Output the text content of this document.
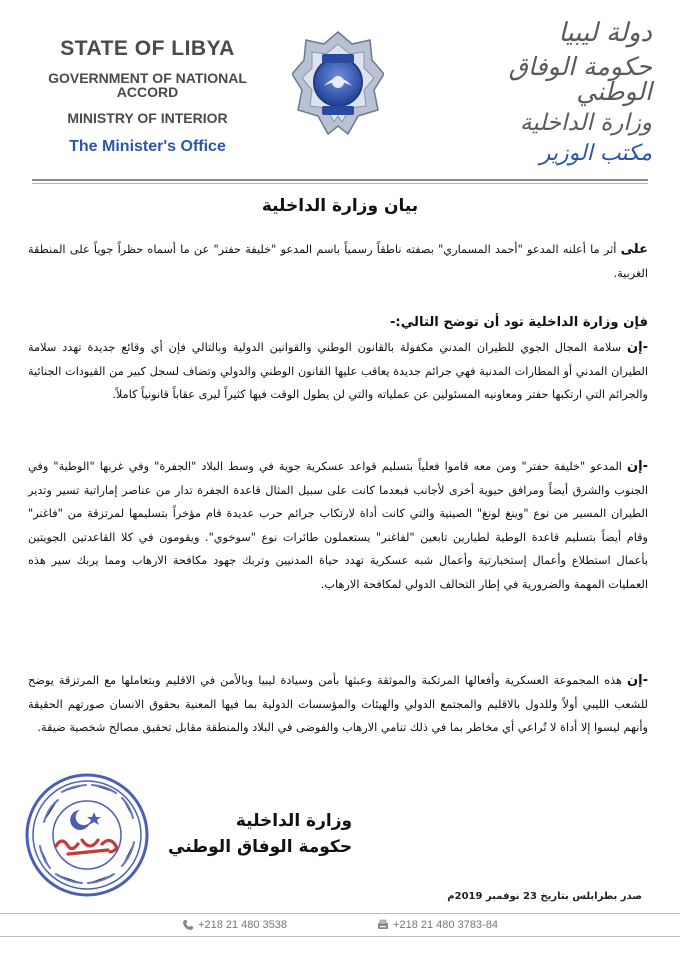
STATE OF LIBYA
GOVERNMENT OF NATIONAL ACCORD
MINISTRY OF INTERIOR
The Minister's Office
دولة ليبيا
حكومة الوفاق الوطني
وزارة الداخلية
مكتب الوزير
بيان وزارة الداخلية
على أثر ما أعلنه المدعو "أحمد المسماري" بصفته ناطقاً رسمياً باسم المدعو "خليفة حفتر" عن ما أسماه حظراً جوياً على المنطقة الغربية.
فإن وزارة الداخلية تود أن توضح التالي:-
-إن سلامة المجال الجوي للطيران المدني مكفولة بالقانون الوطني والقوانين الدولية وبالتالي فإن أي وقائع جديدة تهدد سلامة الطيران المدني أو المطارات المدنية فهي جرائم جديدة يعاقب عليها القانون الوطني والدولي وتضاف لسجل كبير من القيودات الجنائية والجرائم التي ارتكبها حفتر ومعاونيه المسئولين عن عملياته والتي لن يطول الوقت فيها كثيراً ليرى عقاباً قانونياً كاملاً.
-إن المدعو "خليفة حفتر" ومن معه قاموا فعلياً بتسليم قواعد عسكرية جوية في وسط البلاد "الجفرة" وفي غربها "الوطية" وفي الجنوب والشرق أيضاً ومرافق حيوية أخرى لأجانب فبعدما كانت على سبيل المثال قاعدة الجفرة تدار من عناصر إماراتية تسير وتدير الطيران المسير من نوع "وينغ لونغ" الصينية والتي كانت أداة لارتكاب جرائم حرب عديدة قام مؤخراً بتسليمها لمرتزقة من "فاغنر" وقام أيضاً بتسليم قاعدة الوطية لطيارين تابعين "لفاغنر" يستعملون طائرات نوع "سوخوي". ويقومون في كلا القاعدتين الجويتين بأعمال استطلاع وأعمال إستخبارتية وأعمال شبه عسكرية تهدد حياة المدنيين وتربك جهود مكافحة الارهاب ومما يربك سير هذه العمليات المهمة والضرورية في إطار التحالف الدولي لمكافحة الارهاب.
-إن هذه المجموعة العسكرية وأفعالها المرتكبة والموثقة وعبثها بأمن وسيادة ليبيا وبالأمن في الاقليم وبتعاملها مع المرتزقة يوضح للشعب الليبي أولاً وللدول بالاقليم والمجتمع الدولي والهيئات والمؤسسات الدولية بما فيها المعنية بحقوق الانسان صورتهم الحقيقة وأنهم ليسوا إلا أداة لا تُراعي أي مخاطر بما في ذلك تنامي الارهاب والفوضى في البلاد والمنطقة مقابل تحقيق مصالح شخصية ضيقة.
وزارة الداخلية
حكومة الوفاق الوطني
صدر بطرابلس بتاريخ 23 نوفمبر 2019م
+218 21 480 3538	+218 21 480 3783-84
